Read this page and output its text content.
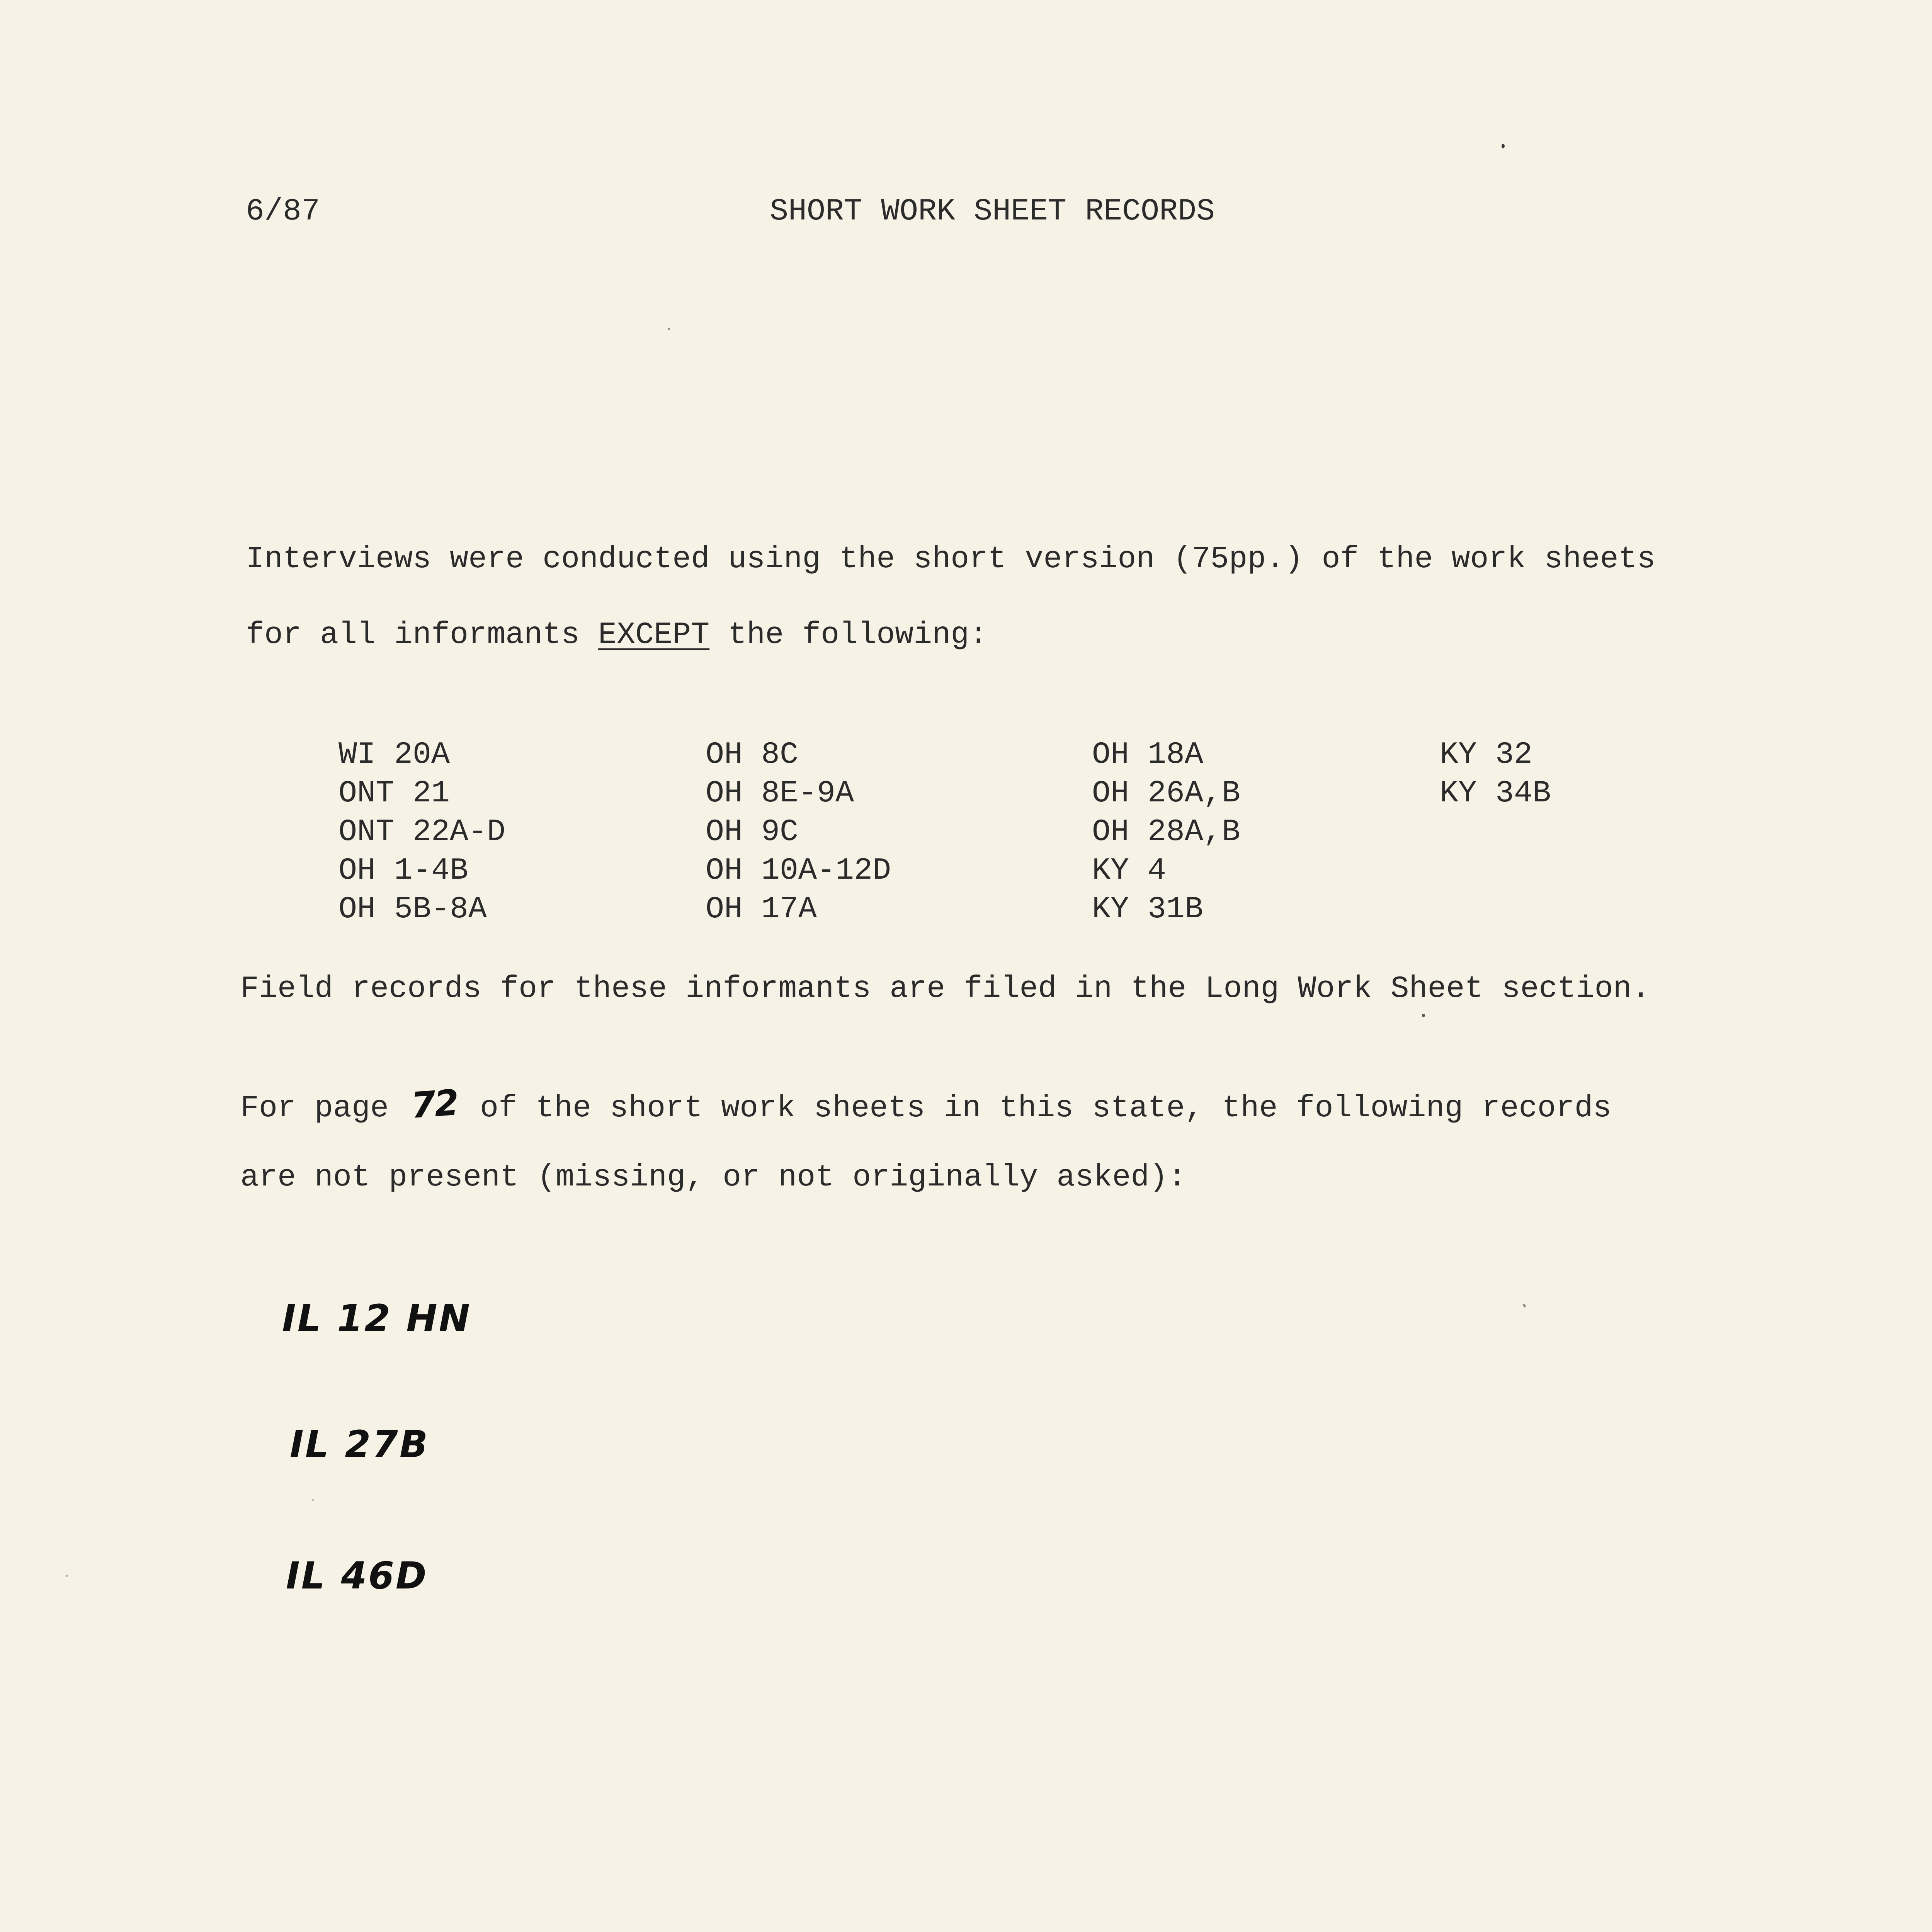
6/87	SHORT WORK SHEET RECORDS

Interviews were conducted using the short version (75pp.) of the work sheets

for all informants EXCEPT the following:

WI 20A
ONT 21
ONT 22A-D
OH 1-4B
OH 5B-8A
OH 8C
OH 8E-9A
OH 9C
OH 10A-12D
OH 17A
OH 18A
OH 26A,B
OH 28A,B
KY 4
KY 31B
KY 32
KY 34B

Field records for these informants are filed in the Long Work Sheet section.

For page 72 of the short work sheets in this state, the following records

are not present (missing, or not originally asked):

IL 12 HN
IL 27B
IL 46D
